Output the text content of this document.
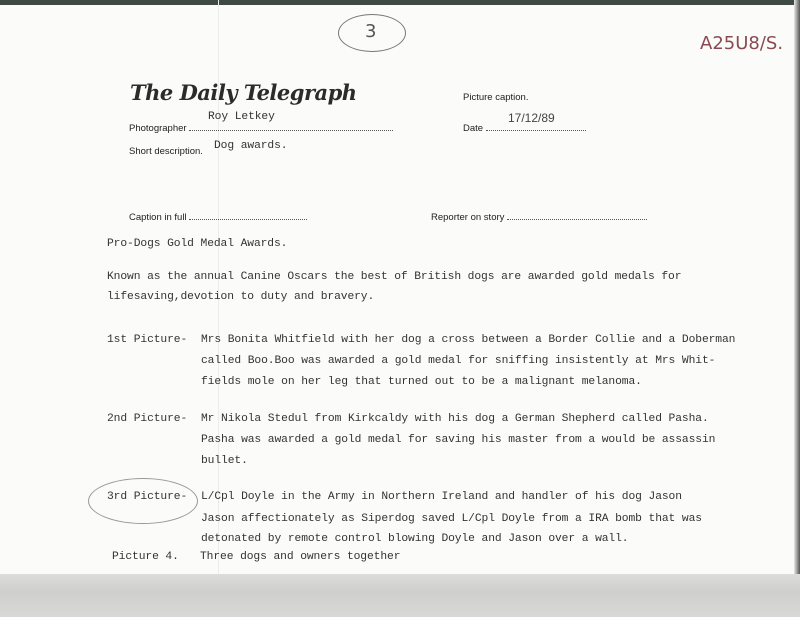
3
A25U8/S.
The Daily Telegraph	Picture caption.
Photographer
Roy Letkey
Date
17/12/89
Short description. Dog awards.
Caption in full	Reporter on story
Pro-Dogs Gold Medal Awards.
Known as the annual Canine Oscars the best of British dogs are awarded gold medals for
lifesaving,devotion to duty and bravery.
1st Picture- Mrs Bonita Whitfield with her dog a cross between a Border Collie and a Doberman
called Boo.Boo was awarded a gold medal for sniffing insistently at Mrs Whit-
fields mole on her leg that turned out to be a malignant melanoma.
2nd Picture- Mr Nikola Stedul from Kirkcaldy with his dog a German Shepherd called Pasha.
Pasha was awarded a gold medal for saving his master from a would be assassin
bullet.
3rd Picture- L/Cpl Doyle in the Army in Northern Ireland and handler of his dog Jason
Jason affectionately as Siperdog saved L/Cpl Doyle from a IRA bomb that was
detonated by remote control blowing Doyle and Jason over a wall.
Picture 4. Three dogs and owners together
